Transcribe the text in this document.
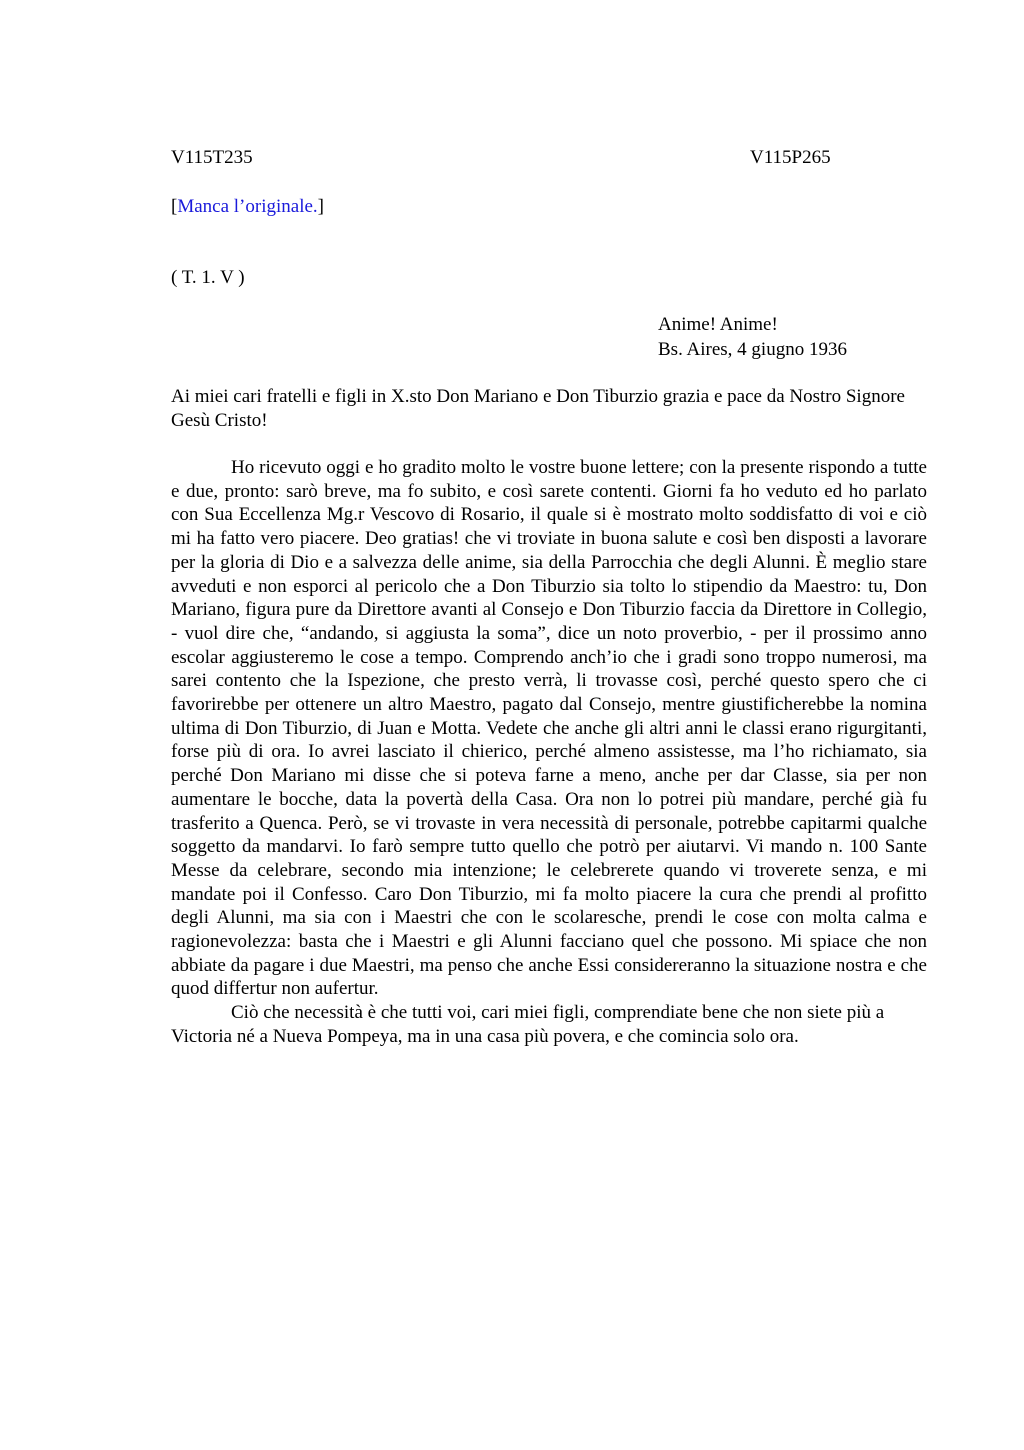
V115T235	V115P265
[Manca l’originale.]
( T. 1. V )
Anime! Anime!
Bs. Aires, 4 giugno 1936

Ai miei cari fratelli e figli in X.sto Don Mariano e Don Tiburzio grazia e pace da Nostro Signore Gesù Cristo!

Ho ricevuto oggi e ho gradito molto le vostre buone lettere; con la presente rispondo a tutte e due, pronto: sarò breve, ma fo subito, e così sarete contenti. Giorni fa ho veduto ed ho parlato con Sua Eccellenza Mg.r Vescovo di Rosario, il quale si è mostrato molto soddisfatto di voi e ciò mi ha fatto vero piacere. Deo gratias! che vi troviate in buona salute e così ben disposti a lavorare per la gloria di Dio e a salvezza delle anime, sia della Parrocchia che degli Alunni. È meglio stare avveduti e non esporci al pericolo che a Don Tiburzio sia tolto lo stipendio da Maestro: tu, Don Mariano, figura pure da Direttore avanti al Consejo e Don Tiburzio faccia da Direttore in Collegio, - vuol dire che, “andando, si aggiusta la soma”, dice un noto proverbio, - per il prossimo anno escolar aggiusteremo le cose a tempo. Comprendo anch’io che i gradi sono troppo numerosi, ma sarei contento che la Ispezione, che presto verrà, li trovasse così, perché questo spero che ci favorirebbe per ottenere un altro Maestro, pagato dal Consejo, mentre giustificherebbe la nomina ultima di Don Tiburzio, di Juan e Motta. Vedete che anche gli altri anni le classi erano rigurgitanti, forse più di ora. Io avrei lasciato il chierico, perché almeno assistesse, ma l’ho richiamato, sia perché Don Mariano mi disse che si poteva farne a meno, anche per dar Classe, sia per non aumentare le bocche, data la povertà della Casa. Ora non lo potrei più mandare, perché già fu trasferito a Quenca. Però, se vi trovaste in vera necessità di personale, potrebbe capitarmi qualche soggetto da mandarvi. Io farò sempre tutto quello che potrò per aiutarvi. Vi mando n. 100 Sante Messe da celebrare, secondo mia intenzione; le celebrerete quando vi troverete senza, e mi mandate poi il Confesso. Caro Don Tiburzio, mi fa molto piacere la cura che prendi al profitto degli Alunni, ma sia con i Maestri che con le scolaresche, prendi le cose con molta calma e ragionevolezza: basta che i Maestri e gli Alunni facciano quel che possono. Mi spiace che non abbiate da pagare i due Maestri, ma penso che anche Essi considereranno la situazione nostra e che quod differtur non aufertur.

Ciò che necessità è che tutti voi, cari miei figli, comprendiate bene che non siete più a Victoria né a Nueva Pompeya, ma in una casa più povera, e che comincia solo ora.
